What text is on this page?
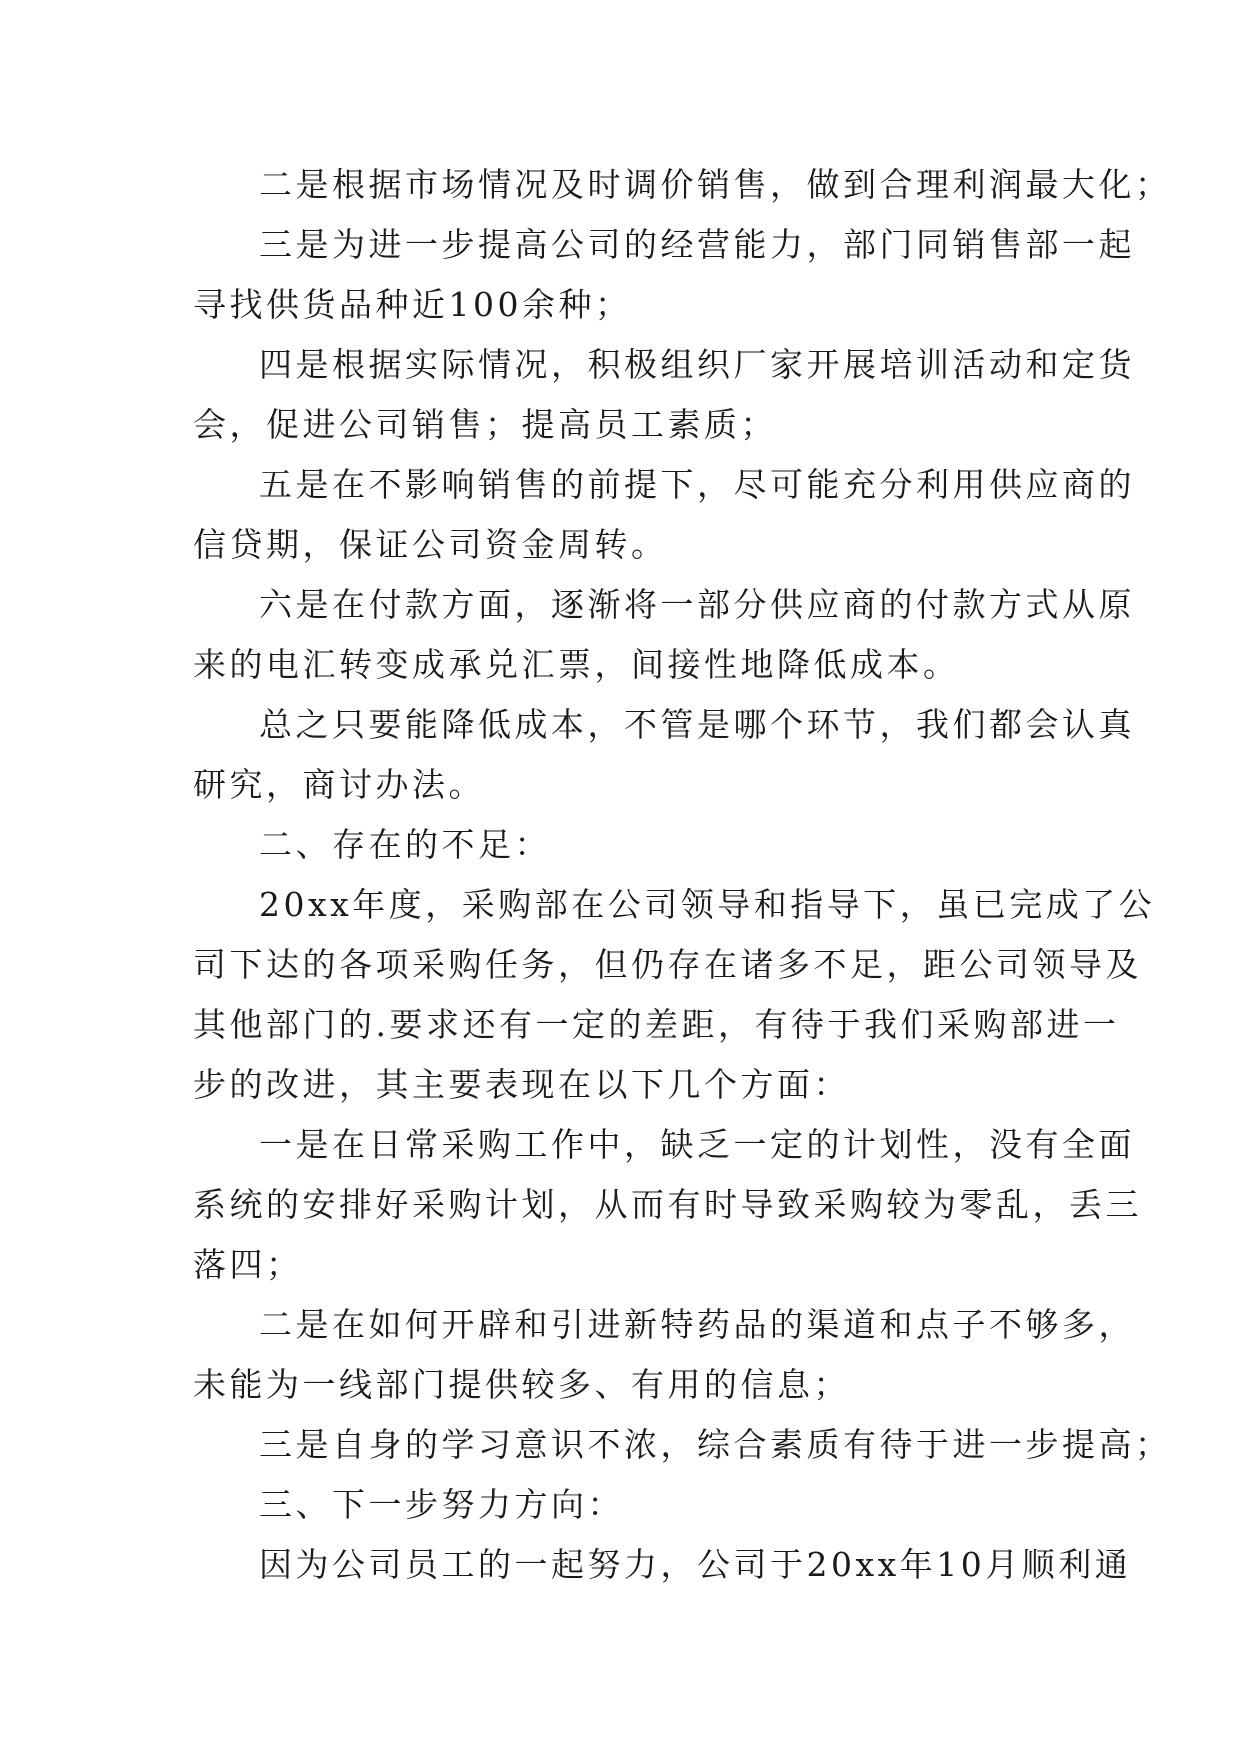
二是根据市场情况及时调价销售，做到合理利润最大化；
三是为进一步提高公司的经营能力，部门同销售部一起
寻找供货品种近100余种；
四是根据实际情况，积极组织厂家开展培训活动和定货
会，促进公司销售；提高员工素质；
五是在不影响销售的前提下，尽可能充分利用供应商的
信贷期，保证公司资金周转。
六是在付款方面，逐渐将一部分供应商的付款方式从原
来的电汇转变成承兑汇票，间接性地降低成本。
总之只要能降低成本，不管是哪个环节，我们都会认真
研究，商讨办法。
二、存在的不足：
20xx年度，采购部在公司领导和指导下，虽已完成了公
司下达的各项采购任务，但仍存在诸多不足，距公司领导及
其他部门的.要求还有一定的差距，有待于我们采购部进一
步的改进，其主要表现在以下几个方面：
一是在日常采购工作中，缺乏一定的计划性，没有全面
系统的安排好采购计划，从而有时导致采购较为零乱，丢三
落四；
二是在如何开辟和引进新特药品的渠道和点子不够多，
未能为一线部门提供较多、有用的信息；
三是自身的学习意识不浓，综合素质有待于进一步提高；
三、下一步努力方向：
因为公司员工的一起努力，公司于20xx年10月顺利通
